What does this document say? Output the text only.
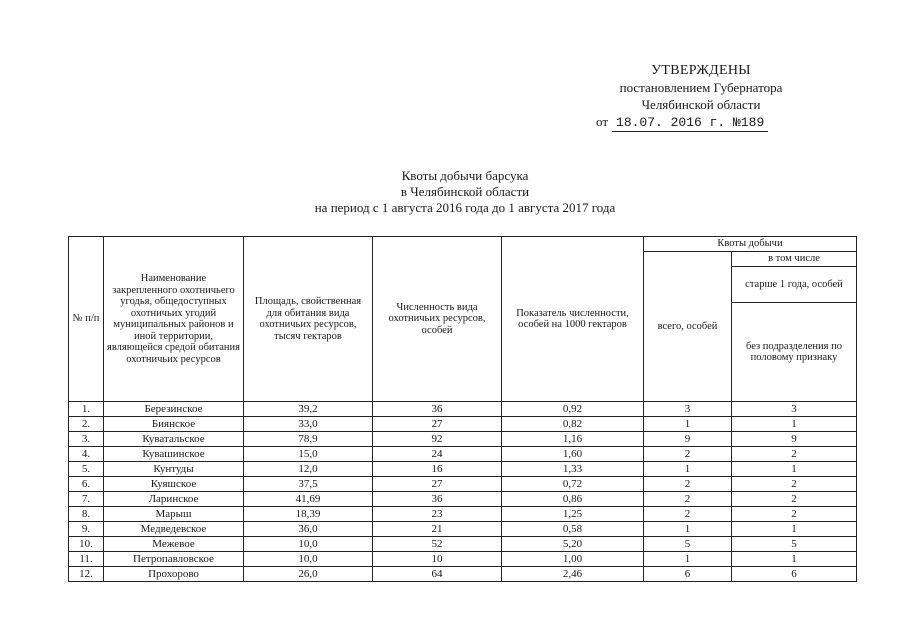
УТВЕРЖДЕНЫ
постановлением Губернатора
Челябинской области
от 18.07. 2016 г. №189
Квоты добычи барсука
в Челябинской области
на период с 1 августа 2016 года до 1 августа 2017 года
№ п/п	Наименование закрепленного охотничьего угодья, общедоступных охотничьих угодий муниципальных районов и иной территории, являющейся средой обитания охотничьих ресурсов	Площадь, свойственная для обитания вида охотничьих ресурсов, тысяч гектаров	Численность вида охотничьих ресурсов, особей	Показатель численности, особей на 1000 гектаров	Квоты добычи	
					всего, особей	в том числе
						старше 1 года, особей
						без подразделения по половому признаку
1.	Березинское	39,2	36	0,92	3	3
2.	Биянское	33,0	27	0,82	1	1
3.	Куватальское	78,9	92	1,16	9	9
4.	Кувашинское	15,0	24	1,60	2	2
5.	Кунтуды	12,0	16	1,33	1	1
6.	Куяшское	37,5	27	0,72	2	2
7.	Ларинское	41,69	36	0,86	2	2
8.	Марыш	18,39	23	1,25	2	2
9.	Медведевское	36,0	21	0,58	1	1
10.	Межевое	10,0	52	5,20	5	5
11.	Петропавловское	10,0	10	1,00	1	1
12.	Прохорово	26,0	64	2,46	6	6
